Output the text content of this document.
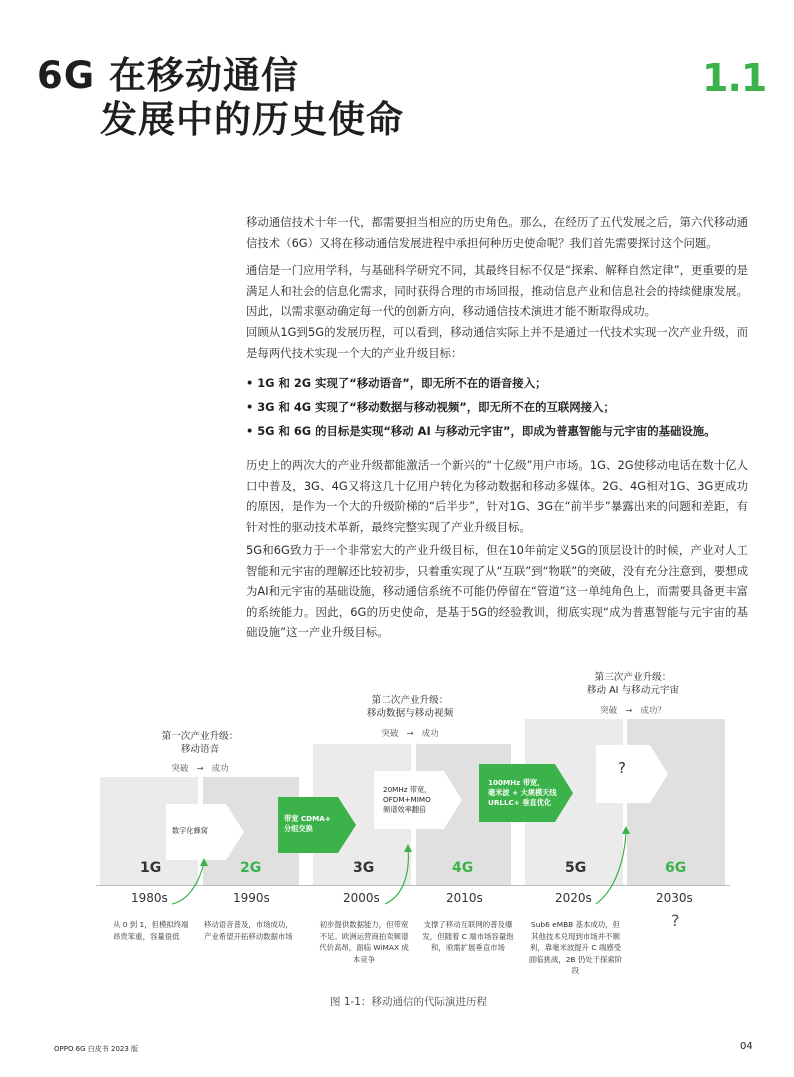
6G 在移动通信
发展中的历史使命
1.1

移动通信技术十年一代，都需要担当相应的历史角色。那么，在经历了五代发展之后，第六代移动通信技术（6G）又将在移动通信发展进程中承担何种历史使命呢？我们首先需要探讨这个问题。

通信是一门应用学科，与基础科学研究不同，其最终目标不仅是“探索、解释自然定律”，更重要的是满足人和社会的信息化需求，同时获得合理的市场回报，推动信息产业和信息社会的持续健康发展。因此，以需求驱动确定每一代的创新方向，移动通信技术演进才能不断取得成功。

回顾从1G到5G的发展历程，可以看到，移动通信实际上并不是通过一代技术实现一次产业升级，而是每两代技术实现一个大的产业升级目标：

• 1G 和 2G 实现了“移动语音”，即无所不在的语音接入；
• 3G 和 4G 实现了“移动数据与移动视频”，即无所不在的互联网接入；
• 5G 和 6G 的目标是实现“移动 AI 与移动元宇宙”，即成为普惠智能与元宇宙的基础设施。

历史上的两次大的产业升级都能激活一个新兴的“十亿级”用户市场。1G、2G使移动电话在数十亿人口中普及，3G、4G又将这几十亿用户转化为移动数据和移动多媒体。2G、4G相对1G、3G更成功的原因，是作为一个大的升级阶梯的“后半步”，针对1G、3G在“前半步”暴露出来的问题和差距，有针对性的驱动技术革新，最终完整实现了产业升级目标。

5G和6G致力于一个非常宏大的产业升级目标，但在10年前定义5G的顶层设计的时候，产业对人工智能和元宇宙的理解还比较初步，只着重实现了从“互联”到“物联”的突破，没有充分注意到，要想成为AI和元宇宙的基础设施，移动通信系统不可能仍停留在“管道”这一单纯角色上，而需要具备更丰富的系统能力。因此，6G的历史使命，是基于5G的经验教训，彻底实现“成为普惠智能与元宇宙的基础设施”这一产业升级目标。

第一次产业升级：
移动语音
突破 → 成功
第二次产业升级：
移动数据与移动视频
突破 → 成功
第三次产业升级：
移动 AI 与移动元宇宙
突破 → 成功？
数字化蜂窝
带宽 CDMA+
分组交换
20MHz 带宽，
OFDM+MIMO
频谱效率翻倍
100MHz 带宽，
毫米波 + 大规模天线
URLLC+ 垂直优化
?
1G	2G	3G	4G	5G	6G
1980s	1990s	2000s	2010s	2020s	2030s
从 0 到 1，但模拟终端
昂贵笨重，容量很低
移动语音普及，市场成功，
产业希望开拓移动数据市场
初步提供数据能力，但带宽
不足。欧洲运营商拍卖频谱
代价高昂，面临 WiMAX 成
本竞争
支撑了移动互联网的普及爆
发，但随着 C 端市场容量饱
和，亟需扩展垂直市场
Sub6 eMBB 基本成功，但
其他技术兑现到市场并不顺
利，靠毫米波提升 C 端感受
面临挑战，2B 仍处于探索阶
段
?
图 1-1：移动通信的代际演进历程
OPPO 6G 白皮书 2023 版	04
